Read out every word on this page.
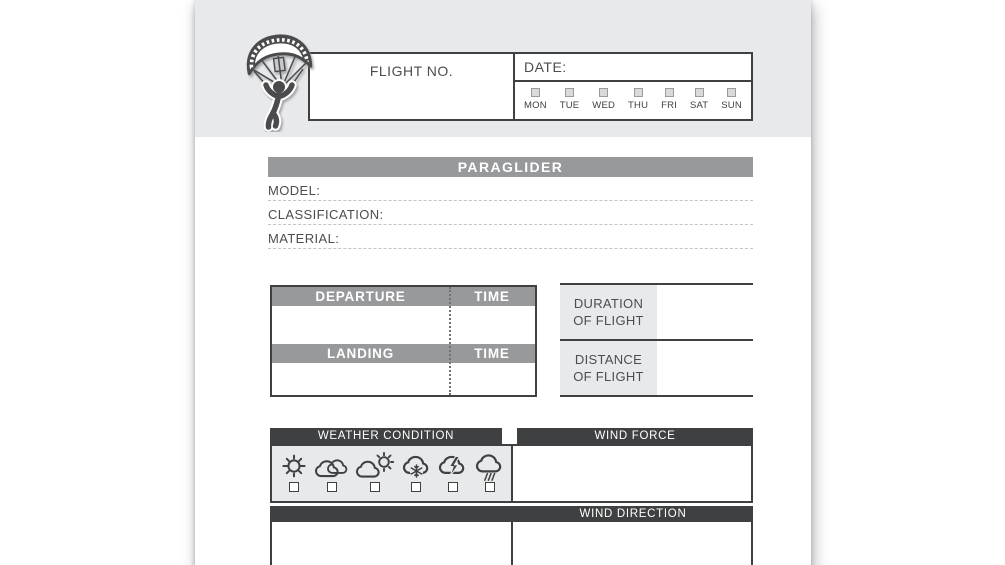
FLIGHT NO.	DATE:
MON TUE WED THU FRI SAT SUN
PARAGLIDER
MODEL:
CLASSIFICATION:
MATERIAL:
DEPARTURE	TIME
LANDING	TIME
DURATION
OF FLIGHT
DISTANCE
OF FLIGHT
WEATHER CONDITION	WIND FORCE
WIND DIRECTION
